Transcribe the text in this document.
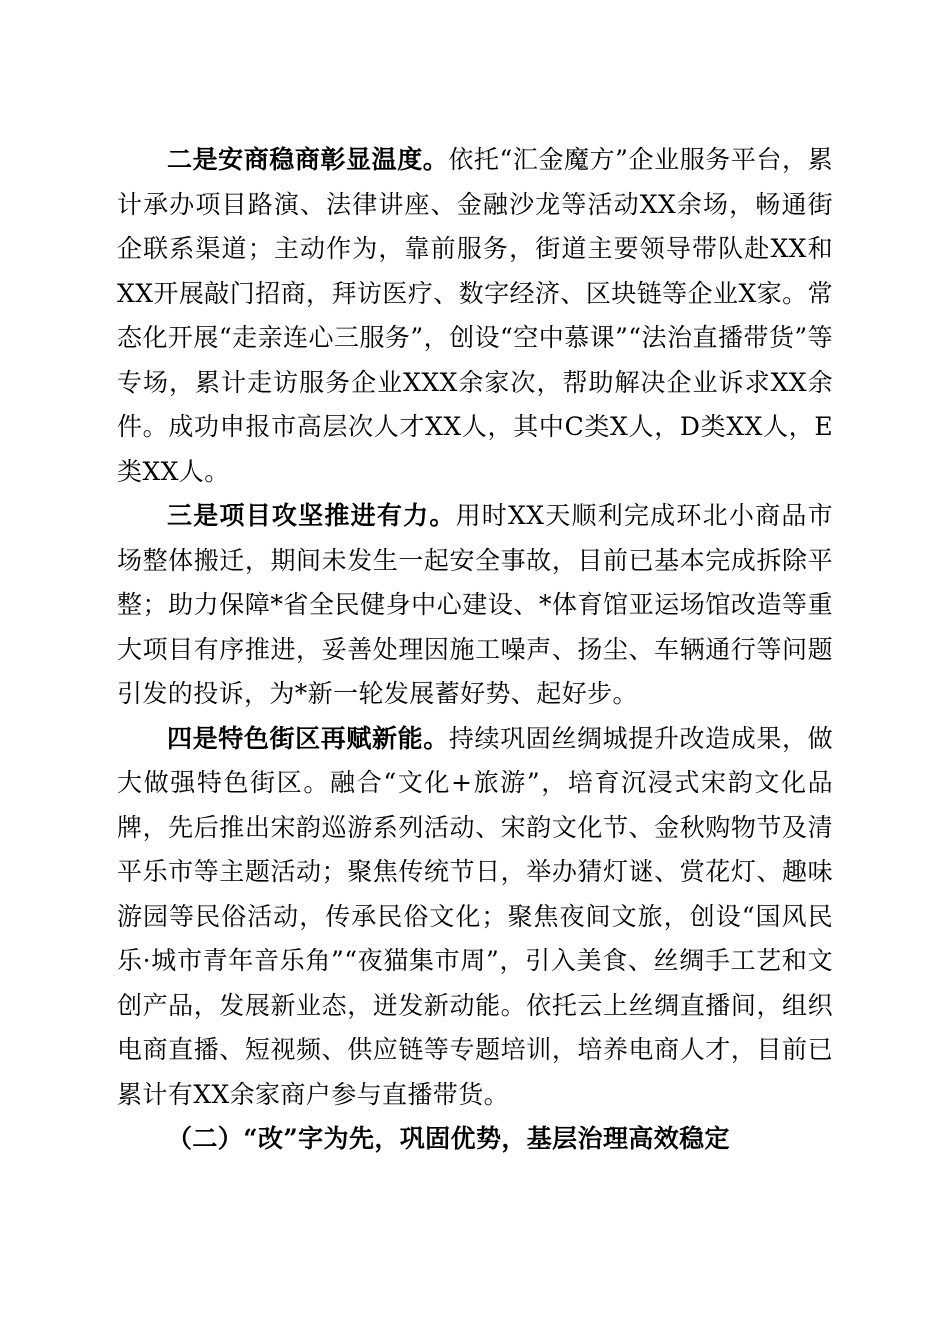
二是安商稳商彰显温度。依托“汇金魔方”企业服务平台，累计承办项目路演、法律讲座、金融沙龙等活动XX余场，畅通街企联系渠道；主动作为，靠前服务，街道主要领导带队赴XX和XX开展敲门招商，拜访医疗、数字经济、区块链等企业X家。常态化开展“走亲连心三服务”，创设“空中慕课”“法治直播带货”等专场，累计走访服务企业XXX余家次，帮助解决企业诉求XX余件。成功申报市高层次人才XX人，其中C类X人，D类XX人，E类XX人。

三是项目攻坚推进有力。用时XX天顺利完成环北小商品市场整体搬迁，期间未发生一起安全事故，目前已基本完成拆除平整；助力保障*省全民健身中心建设、*体育馆亚运场馆改造等重大项目有序推进，妥善处理因施工噪声、扬尘、车辆通行等问题引发的投诉，为*新一轮发展蓄好势、起好步。

四是特色街区再赋新能。持续巩固丝绸城提升改造成果，做大做强特色街区。融合“文化+旅游”，培育沉浸式宋韵文化品牌，先后推出宋韵巡游系列活动、宋韵文化节、金秋购物节及清平乐市等主题活动；聚焦传统节日，举办猜灯谜、赏花灯、趣味游园等民俗活动，传承民俗文化；聚焦夜间文旅，创设“国风民乐·城市青年音乐角”“夜猫集市周”，引入美食、丝绸手工艺和文创产品，发展新业态，迸发新动能。依托云上丝绸直播间，组织电商直播、短视频、供应链等专题培训，培养电商人才，目前已累计有XX余家商户参与直播带货。

（二）“改”字为先，巩固优势，基层治理高效稳定
